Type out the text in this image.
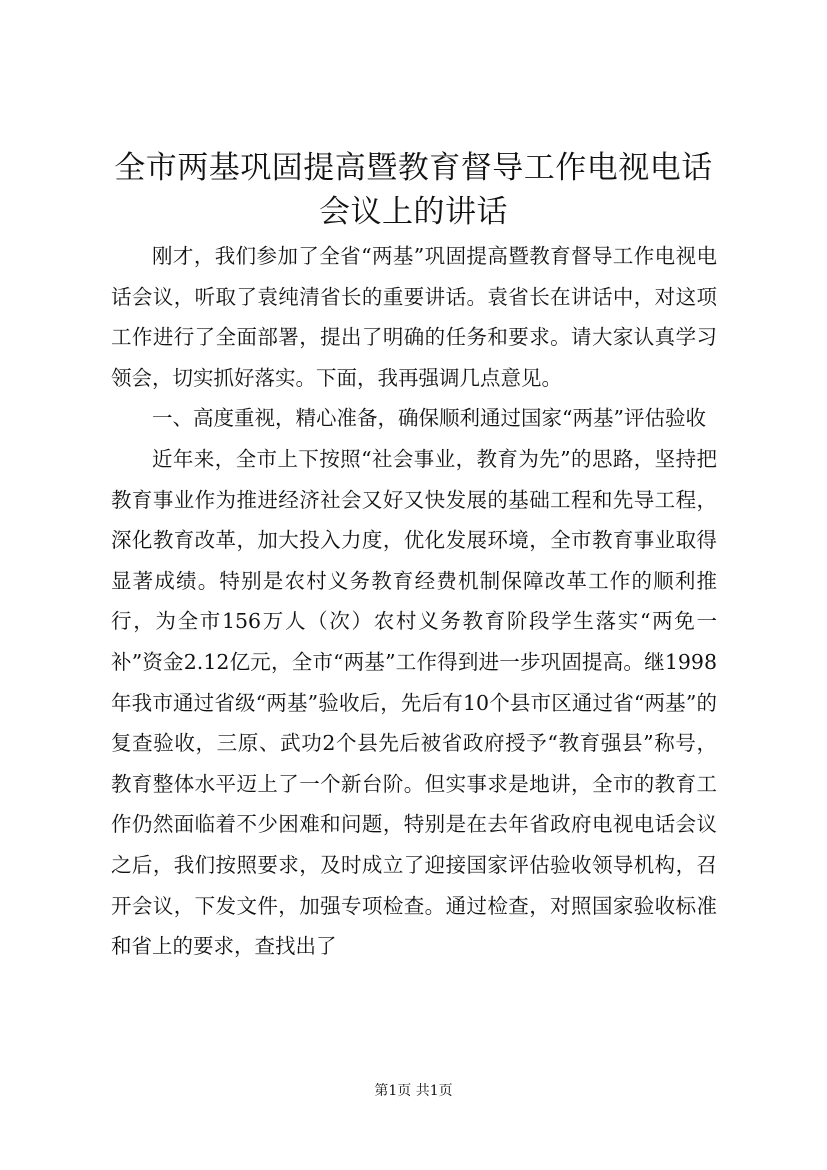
全市两基巩固提高暨教育督导工作电视电话会议上的讲话

刚才，我们参加了全省“两基”巩固提高暨教育督导工作电视电话会议，听取了袁纯清省长的重要讲话。袁省长在讲话中，对这项工作进行了全面部署，提出了明确的任务和要求。请大家认真学习领会，切实抓好落实。下面，我再强调几点意见。

一、高度重视，精心准备，确保顺利通过国家“两基”评估验收

近年来，全市上下按照“社会事业，教育为先”的思路，坚持把教育事业作为推进经济社会又好又快发展的基础工程和先导工程，深化教育改革，加大投入力度，优化发展环境，全市教育事业取得显著成绩。特别是农村义务教育经费机制保障改革工作的顺利推行，为全市156万人（次）农村义务教育阶段学生落实“两免一补”资金2.12亿元，全市“两基”工作得到进一步巩固提高。继1998年我市通过省级“两基”验收后，先后有10个县市区通过省“两基”的复查验收，三原、武功2个县先后被省政府授予“教育强县”称号，教育整体水平迈上了一个新台阶。但实事求是地讲，全市的教育工作仍然面临着不少困难和问题，特别是在去年省政府电视电话会议之后，我们按照要求，及时成立了迎接国家评估验收领导机构，召开会议，下发文件，加强专项检查。通过检查，对照国家验收标准和省上的要求，查找出了

第1页 共1页
